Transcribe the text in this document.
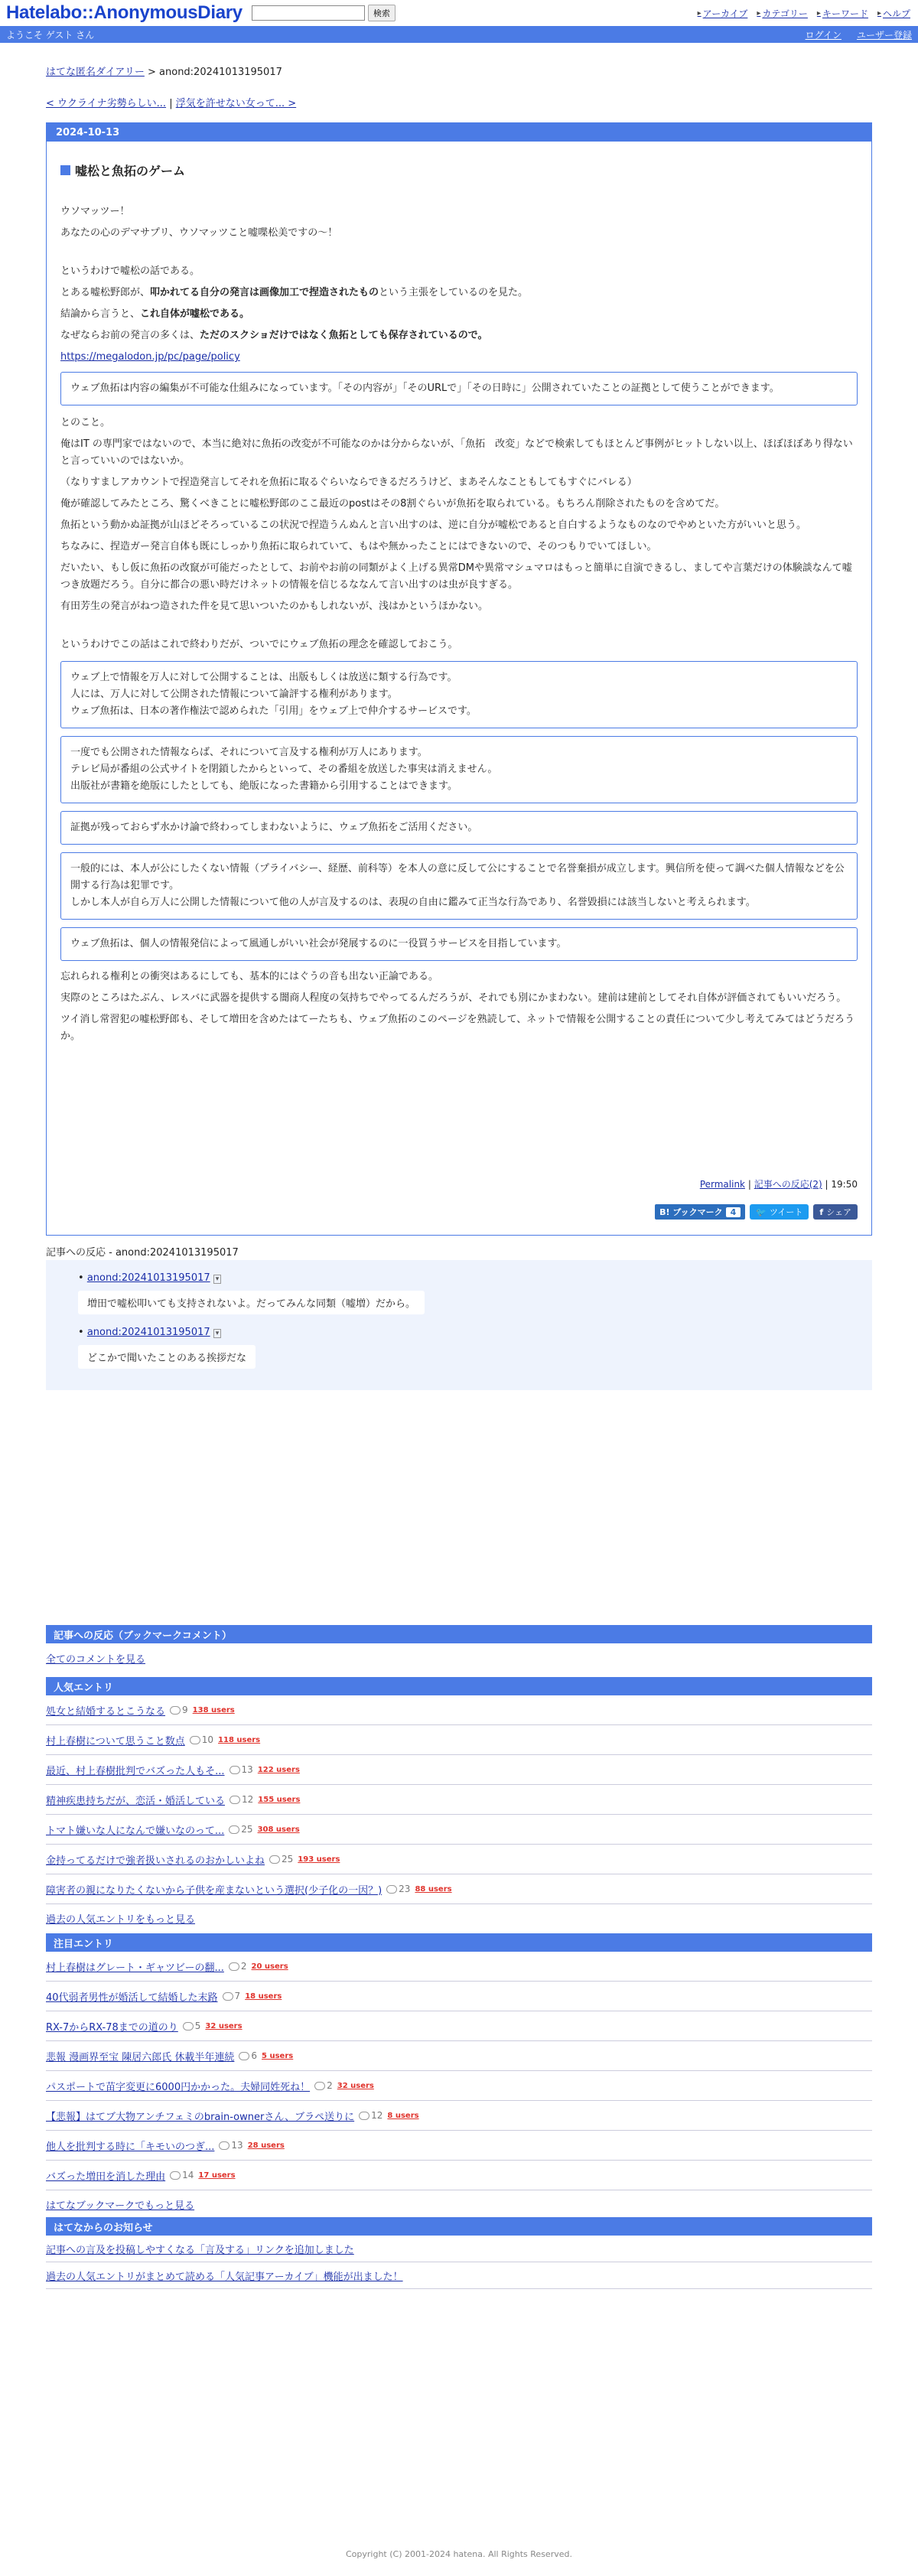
Hatelabo::AnonymousDiary	検索	▸ アーカイブ ▸ カテゴリー ▸ キーワード ▸ ヘルプ
ようこそ ゲスト さん	ログイン ユーザー登録
はてな匿名ダイアリー > anond:20241013195017
< ウクライナ劣勢らしい... | 浮気を許せない女って... >
2024-10-13
嘘松と魚拓のゲーム

ウソマッツー！

あなたの心のデマサプリ、ウソマッツこと嘘喋松美ですの～！

というわけで嘘松の話である。

とある嘘松野郎が、叩かれてる自分の発言は画像加工で捏造されたものという主張をしているのを見た。

結論から言うと、これ自体が嘘松である。

なぜならお前の発言の多くは、ただのスクショだけではなく魚拓としても保存されているので。

https://megalodon.jp/pc/page/policy

ウェブ魚拓は内容の編集が不可能な仕組みになっています。「その内容が」「そのURLで」「その日時に」公開されていたことの証拠として使うことができます。

とのこと。

俺はIT の専門家ではないので、本当に絶対に魚拓の改変が不可能なのかは分からないが、「魚拓　改変」などで検索してもほとんど事例がヒットしない以上、ほぼほぼあり得ないと言っていいのではないか。

（なりすましアカウントで捏造発言してそれを魚拓に取るぐらいならできるだろうけど、まあそんなこともしてもすぐにバレる）

俺が確認してみたところ、驚くべきことに嘘松野郎のここ最近のpostはその8割ぐらいが魚拓を取られている。もちろん削除されたものを含めてだ。

魚拓という動かぬ証拠が山ほどそろっているこの状況で捏造うんぬんと言い出すのは、逆に自分が嘘松であると自白するようなものなのでやめといた方がいいと思う。

ちなみに、捏造ガー発言自体も既にしっかり魚拓に取られていて、もはや無かったことにはできないので、そのつもりでいてほしい。

だいたい、もし仮に魚拓の改竄が可能だったとして、お前やお前の同類がよく上げる異常DMや異常マシュマロはもっと簡単に自演できるし、ましてや言葉だけの体験談なんて嘘つき放題だろう。自分に都合の悪い時だけネットの情報を信じるななんて言い出すのは虫が良すぎる。

有田芳生の発言がねつ造された件を見て思いついたのかもしれないが、浅はかというほかない。

というわけでこの話はこれで終わりだが、ついでにウェブ魚拓の理念を確認しておこう。

ウェブ上で情報を万人に対して公開することは、出版もしくは放送に類する行為です。
人には、万人に対して公開された情報について論評する権利があります。
ウェブ魚拓は、日本の著作権法で認められた「引用」をウェブ上で仲介するサービスです。
一度でも公開された情報ならば、それについて言及する権利が万人にあります。
テレビ局が番組の公式サイトを閉鎖したからといって、その番組を放送した事実は消えません。
出版社が書籍を絶版にしたとしても、絶版になった書籍から引用することはできます。
証拠が残っておらず水かけ論で終わってしまわないように、ウェブ魚拓をご活用ください。
一般的には、本人が公にしたくない情報（プライバシー、経歴、前科等）を本人の意に反して公にすることで名誉棄損が成立します。興信所を使って調べた個人情報などを公開する行為は犯罪です。
しかし本人が自ら万人に公開した情報について他の人が言及するのは、表現の自由に鑑みて正当な行為であり、名誉毀損には該当しないと考えられます。
ウェブ魚拓は、個人の情報発信によって風通しがいい社会が発展するのに一役買うサービスを目指しています。

忘れられる権利との衝突はあるにしても、基本的にはぐうの音も出ない正論である。

実際のところはたぶん、レスバに武器を提供する闇商人程度の気持ちでやってるんだろうが、それでも別にかまわない。建前は建前としてそれ自体が評価されてもいいだろう。

ツイ消し常習犯の嘘松野郎も、そして増田を含めたはてーたちも、ウェブ魚拓のこのページを熟読して、ネットで情報を公開することの責任について少し考えてみてはどうだろうか。

Permalink | 記事への反応(2) | 19:50
B! ブックマーク 4	🐦 ツイート f シェア
記事への反応 - anond:20241013195017
• anond:20241013195017 ▾
増田で嘘松叩いても支持されないよ。だってみんな同類（嘘増）だから。
• anond:20241013195017 ▾
どこかで聞いたことのある挨拶だな
記事への反応（ブックマークコメント）
全てのコメントを見る
人気エントリ
処女と結婚するとこうなる 9 138 users
村上春樹について思うこと数点 10 118 users
最近、村上春樹批判でバズった人もそ... 13 122 users
精神疾患持ちだが、恋活・婚活している 12 155 users
トマト嫌いな人になんで嫌いなのって... 25 308 users
金持ってるだけで強者扱いされるのおかしいよね 25 193 users
障害者の親になりたくないから子供を産まないという選択(少子化の一因？) 23 88 users
過去の人気エントリをもっと見る
注目エントリ
村上春樹はグレート・ギャツビーの翻... 2 20 users
40代弱者男性が婚活して結婚した末路 7 18 users
RX-7からRX-78までの道のり 5 32 users
悲報 漫画界至宝 陳居六郎氏 休載半年連続 6 5 users
パスポートで苗字変更に6000円かかった。夫婦同姓死ね！ 2 32 users
【悲報】はてブ大物アンチフェミのbrain-ownerさん、ブラペ送りに 12 8 users
他人を批判する時に「キモいのつぎ... 13 28 users
バズった増田を消した理由 14 17 users
はてなブックマークでもっと見る
はてなからのお知らせ
記事への言及を投稿しやすくなる「言及する」リンクを追加しました
過去の人気エントリがまとめて読める「人気記事アーカイブ」機能が出ました！
Copyright (C) 2001-2024 hatena. All Rights Reserved.
